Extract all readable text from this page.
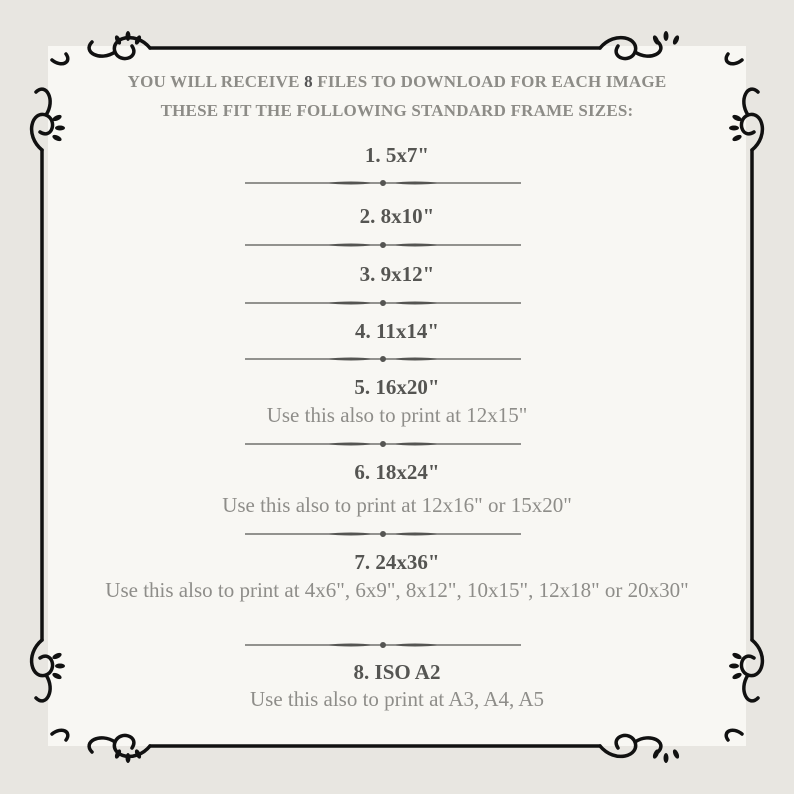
YOU WILL RECEIVE 8 FILES TO DOWNLOAD FOR EACH IMAGE
THESE FIT THE FOLLOWING STANDARD FRAME SIZES:
1. 5x7"
2. 8x10"
3. 9x12"
4. 11x14"
5. 16x20"
Use this also to print at 12x15"
6. 18x24"
Use this also to print at 12x16" or 15x20"
7. 24x36"
Use this also to print at 4x6", 6x9", 8x12", 10x15", 12x18" or 20x30"
8. ISO A2
Use this also to print at A3, A4, A5
